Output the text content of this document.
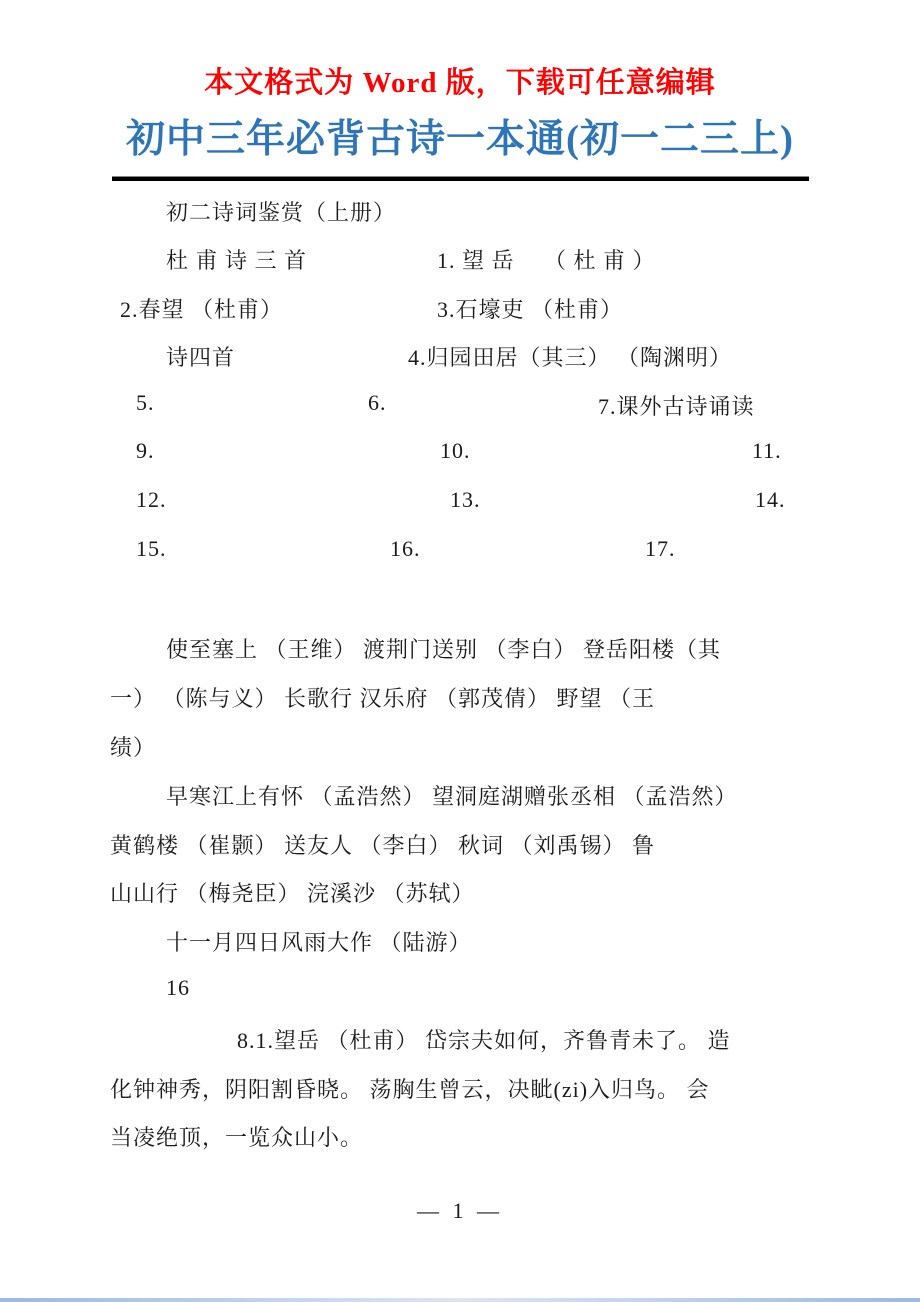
本文格式为 Word 版，下载可任意编辑
初中三年必背古诗一本通(初一二三上)
初二诗词鉴赏（上册）
杜 甫 诗 三 首	1. 望 岳　 （ 杜 甫 ）
2.春望 （杜甫）	3.石壕吏 （杜甫）
诗四首	4.归园田居（其三） （陶渊明）
5.	6.	7.课外古诗诵读
9.	10.	11.
12.	13.	14.
15.	16.	17.
使至塞上 （王维） 渡荆门送别 （李白） 登岳阳楼（其
一） （陈与义） 长歌行 汉乐府 （郭茂倩） 野望 （王
绩）
早寒江上有怀 （孟浩然） 望洞庭湖赠张丞相 （孟浩然）
黄鹤楼 （崔颢） 送友人 （李白） 秋词 （刘禹锡） 鲁
山山行 （梅尧臣） 浣溪沙 （苏轼）
十一月四日风雨大作 （陆游）
16
8.1.望岳 （杜甫） 岱宗夫如何，齐鲁青未了。 造
化钟神秀，阴阳割昏晓。 荡胸生曾云，决眦(zi)入归鸟。 会
当凌绝顶，一览众山小。
— 1 —
